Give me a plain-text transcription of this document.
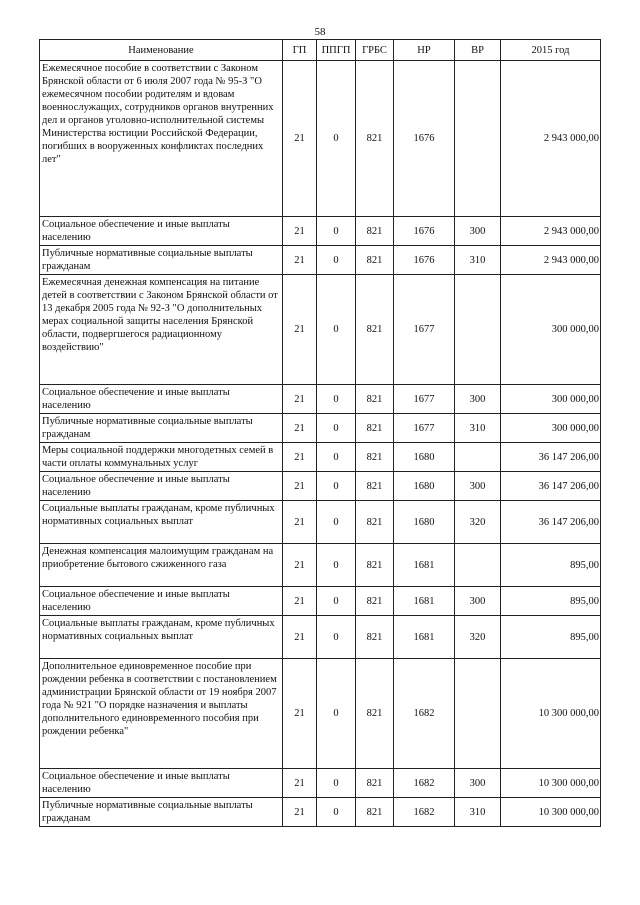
58
Наименование	ГП	ППГП	ГРБС	НР	ВР	2015 год
Ежемесячное пособие в соответствии с Законом Брянской области от 6 июля 2007 года № 95-З "О ежемесячном пособии родителям и вдовам военнослужащих, сотрудников органов внутренних дел и органов уголовно-исполнительной системы Министерства юстиции Российской Федерации, погибших в вооруженных конфликтах последних лет"	21	0	821	1676		2 943 000,00
Социальное обеспечение и иные выплаты населению	21	0	821	1676	300	2 943 000,00
Публичные нормативные социальные выплаты гражданам	21	0	821	1676	310	2 943 000,00
Ежемесячная денежная компенсация на питание детей в соответствии с Законом Брянской области от 13 декабря 2005 года № 92-З "О дополнительных мерах социальной защиты населения Брянской области, подвергшегося радиационному воздействию"	21	0	821	1677		300 000,00
Социальное обеспечение и иные выплаты населению	21	0	821	1677	300	300 000,00
Публичные нормативные социальные выплаты гражданам	21	0	821	1677	310	300 000,00
Меры социальной поддержки многодетных семей в части оплаты коммунальных услуг	21	0	821	1680		36 147 206,00
Социальное обеспечение и иные выплаты населению	21	0	821	1680	300	36 147 206,00
Социальные выплаты гражданам, кроме публичных нормативных социальных выплат	21	0	821	1680	320	36 147 206,00
Денежная компенсация малоимущим гражданам на приобретение бытового сжиженного газа	21	0	821	1681		895,00
Социальное обеспечение и иные выплаты населению	21	0	821	1681	300	895,00
Социальные выплаты гражданам, кроме публичных нормативных социальных выплат	21	0	821	1681	320	895,00
Дополнительное единовременное пособие при рождении ребенка в соответствии с постановлением администрации Брянской области от 19 ноября 2007 года № 921 "О порядке назначения и выплаты дополнительного единовременного пособия при рождении ребенка"	21	0	821	1682		10 300 000,00
Социальное обеспечение и иные выплаты населению	21	0	821	1682	300	10 300 000,00
Публичные нормативные социальные выплаты гражданам	21	0	821	1682	310	10 300 000,00
